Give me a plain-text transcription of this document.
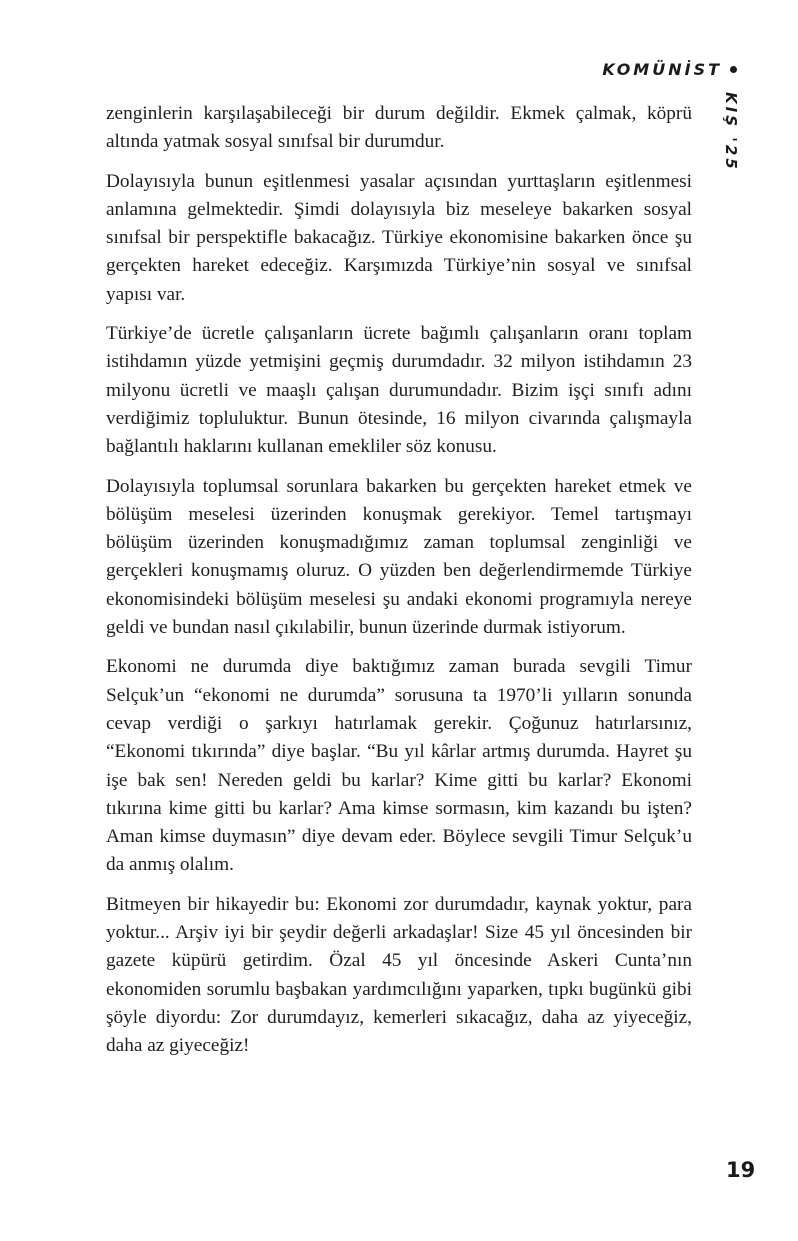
KOMÜNİST
KIŞ '25

zenginlerin karşılaşabileceği bir durum değildir. Ekmek çalmak, köprü altında yatmak sosyal sınıfsal bir durumdur.

Dolayısıyla bunun eşitlenmesi yasalar açısından yurttaşların eşitlenmesi anlamına gelmektedir. Şimdi dolayısıyla biz meseleye bakarken sosyal sınıfsal bir perspektifle bakacağız. Türkiye ekonomisine bakarken önce şu gerçekten hareket edeceğiz. Karşımızda Türkiye’nin sosyal ve sınıfsal yapısı var.

Türkiye’de ücretle çalışanların ücrete bağımlı çalışanların oranı toplam istihdamın yüzde yetmişini geçmiş durumdadır. 32 milyon istihdamın 23 milyonu ücretli ve maaşlı çalışan durumundadır. Bizim işçi sınıfı adını verdiğimiz topluluktur. Bunun ötesinde, 16 milyon civarında çalışmayla bağlantılı haklarını kullanan emekliler söz konusu.

Dolayısıyla toplumsal sorunlara bakarken bu gerçekten hareket etmek ve bölüşüm meselesi üzerinden konuşmak gerekiyor. Temel tartışmayı bölüşüm üzerinden konuşmadığımız zaman toplumsal zenginliği ve gerçekleri konuşmamış oluruz. O yüzden ben değerlendirmemde Türkiye ekonomisindeki bölüşüm meselesi şu andaki ekonomi programıyla nereye geldi ve bundan nasıl çıkılabilir, bunun üzerinde durmak istiyorum.

Ekonomi ne durumda diye baktığımız zaman burada sevgili Timur Selçuk’un “ekonomi ne durumda” sorusuna ta 1970’li yılların sonunda cevap verdiği o şarkıyı hatırlamak gerekir. Çoğunuz hatırlarsınız, “Ekonomi tıkırında” diye başlar. “Bu yıl kârlar artmış durumda. Hayret şu işe bak sen! Nereden geldi bu karlar? Kime gitti bu karlar? Ekonomi tıkırına kime gitti bu karlar? Ama kimse sormasın, kim kazandı bu işten? Aman kimse duymasın” diye devam eder. Böylece sevgili Timur Selçuk’u da anmış olalım.

Bitmeyen bir hikayedir bu: Ekonomi zor durumdadır, kaynak yoktur, para yoktur... Arşiv iyi bir şeydir değerli arkadaşlar! Size 45 yıl öncesinden bir gazete küpürü getirdim. Özal 45 yıl öncesinde Askeri Cunta’nın ekonomiden sorumlu başbakan yardımcılığını yaparken, tıpkı bugünkü gibi şöyle diyordu: Zor durumdayız, kemerleri sıkacağız, daha az yiyeceğiz, daha az giyeceğiz!

19
